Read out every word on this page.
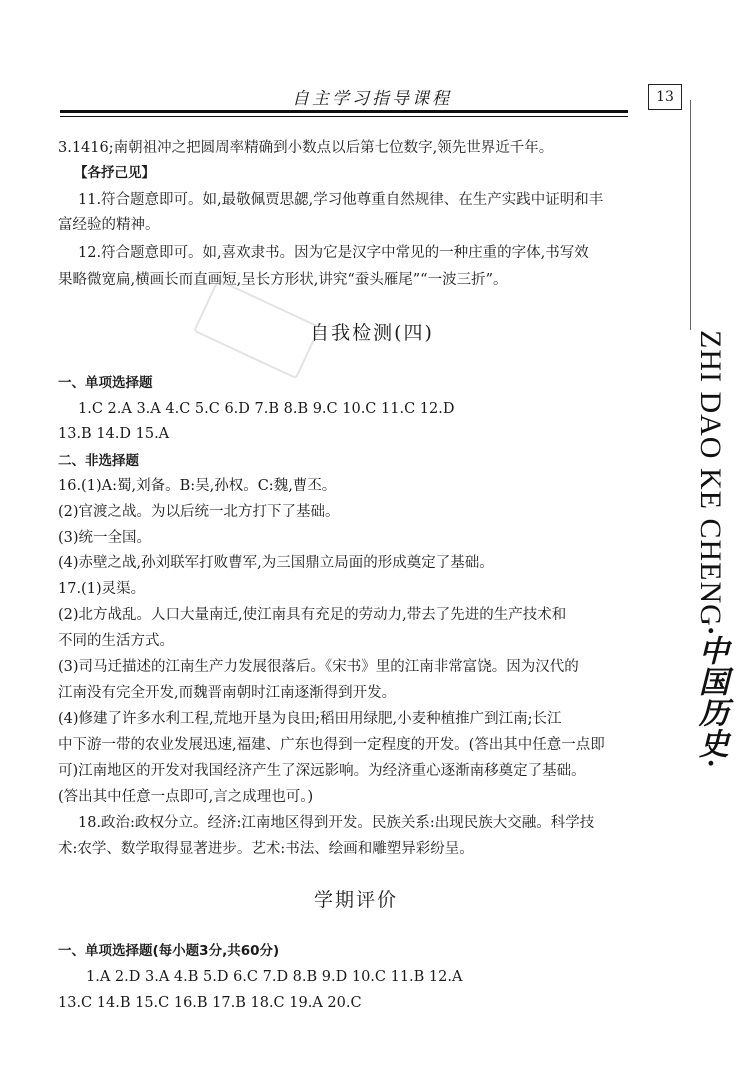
自主学习指导课程	13
3.1416;南朝祖冲之把圆周率精确到小数点以后第七位数字,领先世界近千年。
【各抒己见】
11.符合题意即可。如,最敬佩贾思勰,学习他尊重自然规律、在生产实践中证明和丰
富经验的精神。
12.符合题意即可。如,喜欢隶书。因为它是汉字中常见的一种庄重的字体,书写效
果略微宽扁,横画长而直画短,呈长方形状,讲究“蚕头雁尾”“一波三折”。
自我检测(四)
一、单项选择题
1.C 2.A 3.A 4.C 5.C 6.D 7.B 8.B 9.C 10.C 11.C 12.D
13.B 14.D 15.A
二、非选择题
16.(1)A:蜀,刘备。B:吴,孙权。C:魏,曹丕。
(2)官渡之战。为以后统一北方打下了基础。
(3)统一全国。
(4)赤壁之战,孙刘联军打败曹军,为三国鼎立局面的形成奠定了基础。
17.(1)灵渠。
(2)北方战乱。人口大量南迁,使江南具有充足的劳动力,带去了先进的生产技术和
不同的生活方式。
(3)司马迁描述的江南生产力发展很落后。《宋书》里的江南非常富饶。因为汉代的
江南没有完全开发,而魏晋南朝时江南逐渐得到开发。
(4)修建了许多水利工程,荒地开垦为良田;稻田用绿肥,小麦种植推广到江南;长江
中下游一带的农业发展迅速,福建、广东也得到一定程度的开发。(答出其中任意一点即
可)江南地区的开发对我国经济产生了深远影响。为经济重心逐渐南移奠定了基础。
(答出其中任意一点即可,言之成理也可。)
18.政治:政权分立。经济:江南地区得到开发。民族关系:出现民族大交融。科学技
术:农学、数学取得显著进步。艺术:书法、绘画和雕塑异彩纷呈。
学期评价
一、单项选择题(每小题3分,共60分)
1.A 2.D 3.A 4.B 5.D 6.C 7.D 8.B 9.D 10.C 11.B 12.A
13.C 14.B 15.C 16.B 17.B 18.C 19.A 20.C
ZHI DAO KE CHENG·中国历史·
